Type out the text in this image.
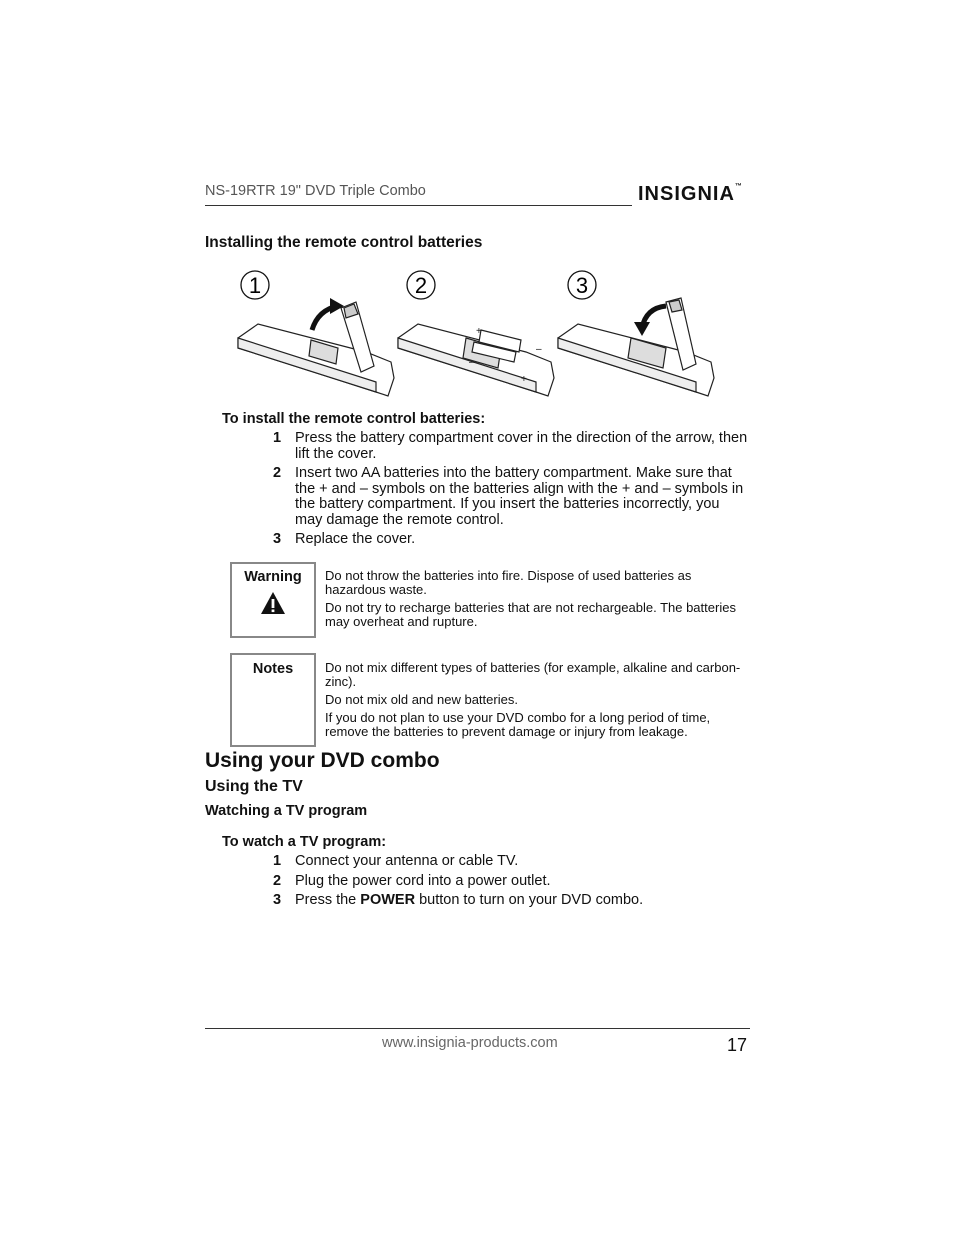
NS-19RTR 19" DVD Triple Combo	INSIGNIA™
Installing the remote control batteries
1	2	3
+
–
–
+
To install the remote control batteries:
1 Press the battery compartment cover in the direction of the arrow, then lift the cover.
2 Insert two AA batteries into the battery compartment. Make sure that the + and – symbols on the batteries align with the + and – symbols in the battery compartment. If you insert the batteries incorrectly, you may damage the remote control.
3 Replace the cover.
Warning	Do not throw the batteries into fire. Dispose of used batteries as hazardous waste.

Do not try to recharge batteries that are not rechargeable. The batteries may overheat and rupture.

Notes	Do not mix different types of batteries (for example, alkaline and carbon-zinc).

Do not mix old and new batteries.

If you do not plan to use your DVD combo for a long period of time, remove the batteries to prevent damage or injury from leakage.

Using your DVD combo
Using the TV
Watching a TV program
To watch a TV program:
1 Connect your antenna or cable TV.
2 Plug the power cord into a power outlet.
3 Press the POWER button to turn on your DVD combo.
www.insignia-products.com	17
